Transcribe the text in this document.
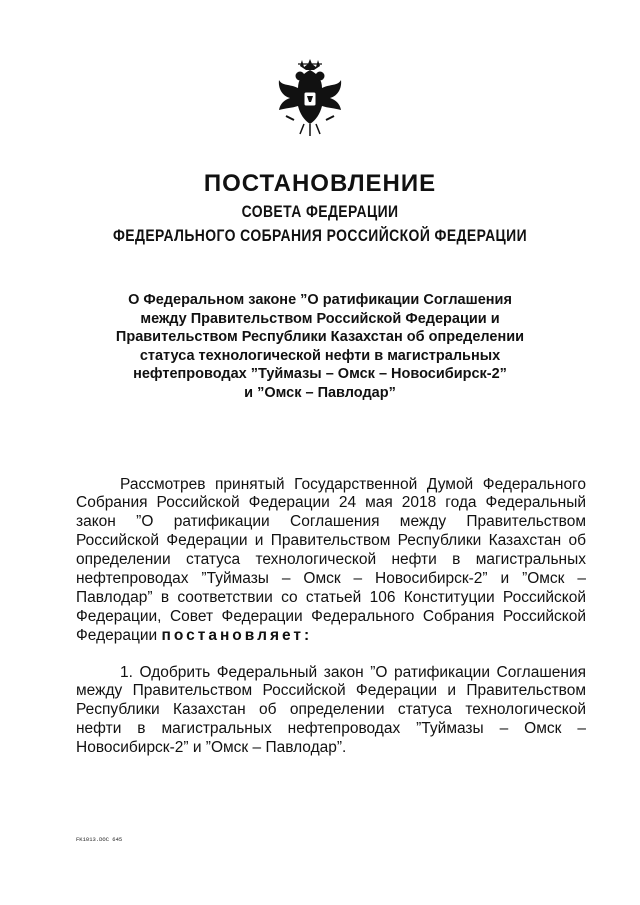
ПОСТАНОВЛЕНИЕ
СОВЕТА ФЕДЕРАЦИИ
ФЕДЕРАЛЬНОГО СОБРАНИЯ РОССИЙСКОЙ ФЕДЕРАЦИИ
О Федеральном законе ”О ратификации Соглашения
между Правительством Российской Федерации и
Правительством Республики Казахстан об определении
статуса технологической нефти в магистральных
нефтепроводах ”Туймазы – Омск – Новосибирск-2”
и ”Омск – Павлодар”

Рассмотрев принятый Государственной Думой Федерального Собрания Российской Федерации 24 мая 2018 года Федеральный закон ”О ратификации Соглашения между Правительством Российской Федерации и Правительством Республики Казахстан об определении статуса технологической нефти в магистральных нефтепроводах ”Туймазы – Омск – Новосибирск-2” и ”Омск – Павлодар” в соответствии со статьей 106 Конституции Российской Федерации, Совет Федерации Федерального Собрания Российской Федерации постановляет:

1. Одобрить Федеральный закон ”О ратификации Соглашения между Правительством Российской Федерации и Правительством Республики Казахстан об определении статуса технологической нефти в магистральных нефтепроводах ”Туймазы – Омск – Новосибирск-2” и ”Омск – Павлодар”.

FK1013.DOC 645
